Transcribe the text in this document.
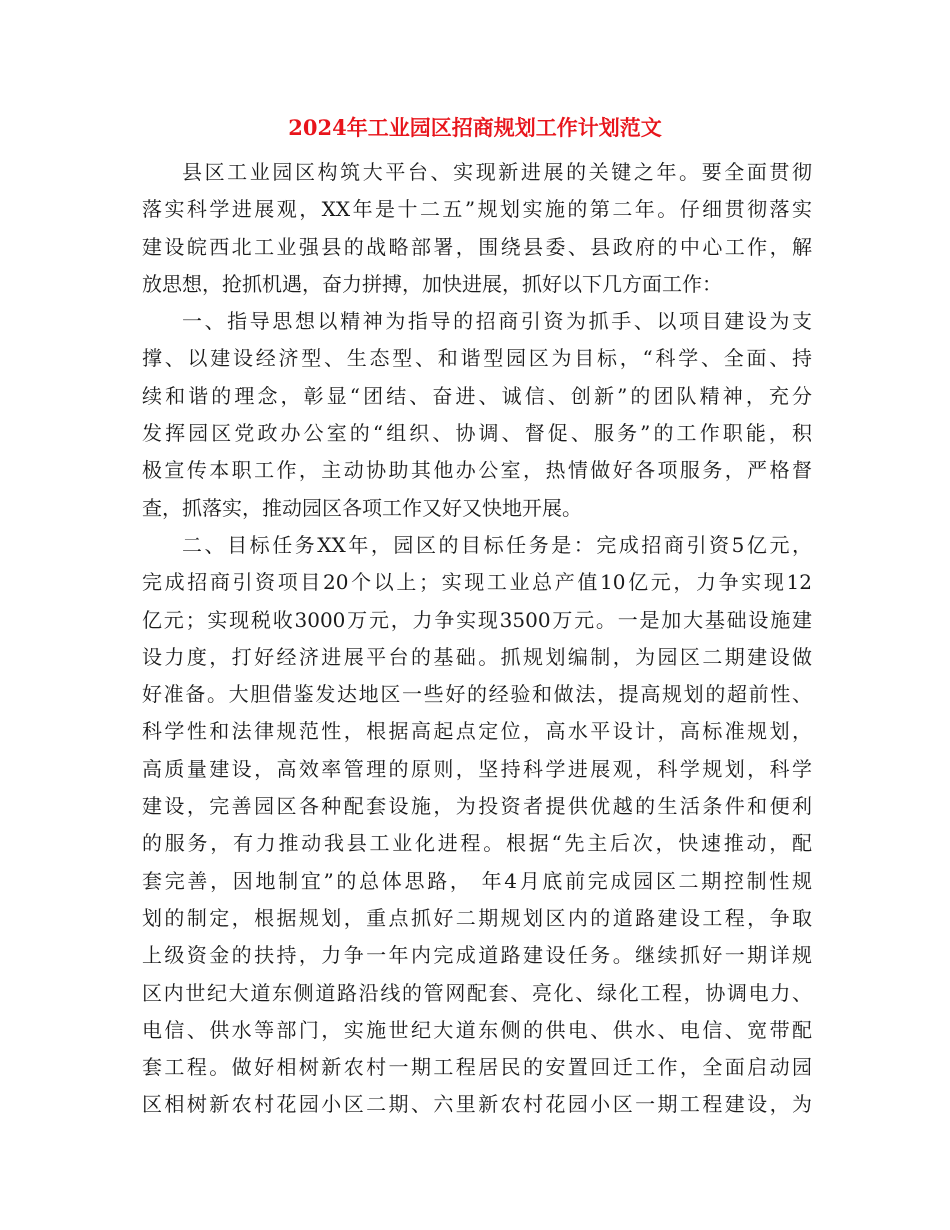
2024年工业园区招商规划工作计划范文
县区工业园区构筑大平台、实现新进展的关键之年。要全面贯彻
落实科学进展观，XX年是十二五”规划实施的第二年。仔细贯彻落实
建设皖西北工业强县的战略部署，围绕县委、县政府的中心工作，解
放思想，抢抓机遇，奋力拼搏，加快进展，抓好以下几方面工作：
一、指导思想以精神为指导的招商引资为抓手、以项目建设为支
撑、以建设经济型、生态型、和谐型园区为目标，“科学、全面、持
续和谐的理念，彰显“团结、奋进、诚信、创新”的团队精神，充分
发挥园区党政办公室的“组织、协调、督促、服务”的工作职能，积
极宣传本职工作，主动协助其他办公室，热情做好各项服务，严格督
查，抓落实，推动园区各项工作又好又快地开展。
二、目标任务XX年，园区的目标任务是：完成招商引资5亿元，
完成招商引资项目20个以上；实现工业总产值10亿元，力争实现12
亿元；实现税收3000万元，力争实现3500万元。一是加大基础设施建
设力度，打好经济进展平台的基础。抓规划编制，为园区二期建设做
好准备。大胆借鉴发达地区一些好的经验和做法，提高规划的超前性、
科学性和法律规范性，根据高起点定位，高水平设计，高标准规划，
高质量建设，高效率管理的原则，坚持科学进展观，科学规划，科学
建设，完善园区各种配套设施，为投资者提供优越的生活条件和便利
的服务，有力推动我县工业化进程。根据“先主后次，快速推动，配
套完善，因地制宜”的总体思路， 年4月底前完成园区二期控制性规
划的制定，根据规划，重点抓好二期规划区内的道路建设工程，争取
上级资金的扶持，力争一年内完成道路建设任务。继续抓好一期详规
区内世纪大道东侧道路沿线的管网配套、亮化、绿化工程，协调电力、
电信、供水等部门，实施世纪大道东侧的供电、供水、电信、宽带配
套工程。做好相树新农村一期工程居民的安置回迁工作，全面启动园
区相树新农村花园小区二期、六里新农村花园小区一期工程建设，为
